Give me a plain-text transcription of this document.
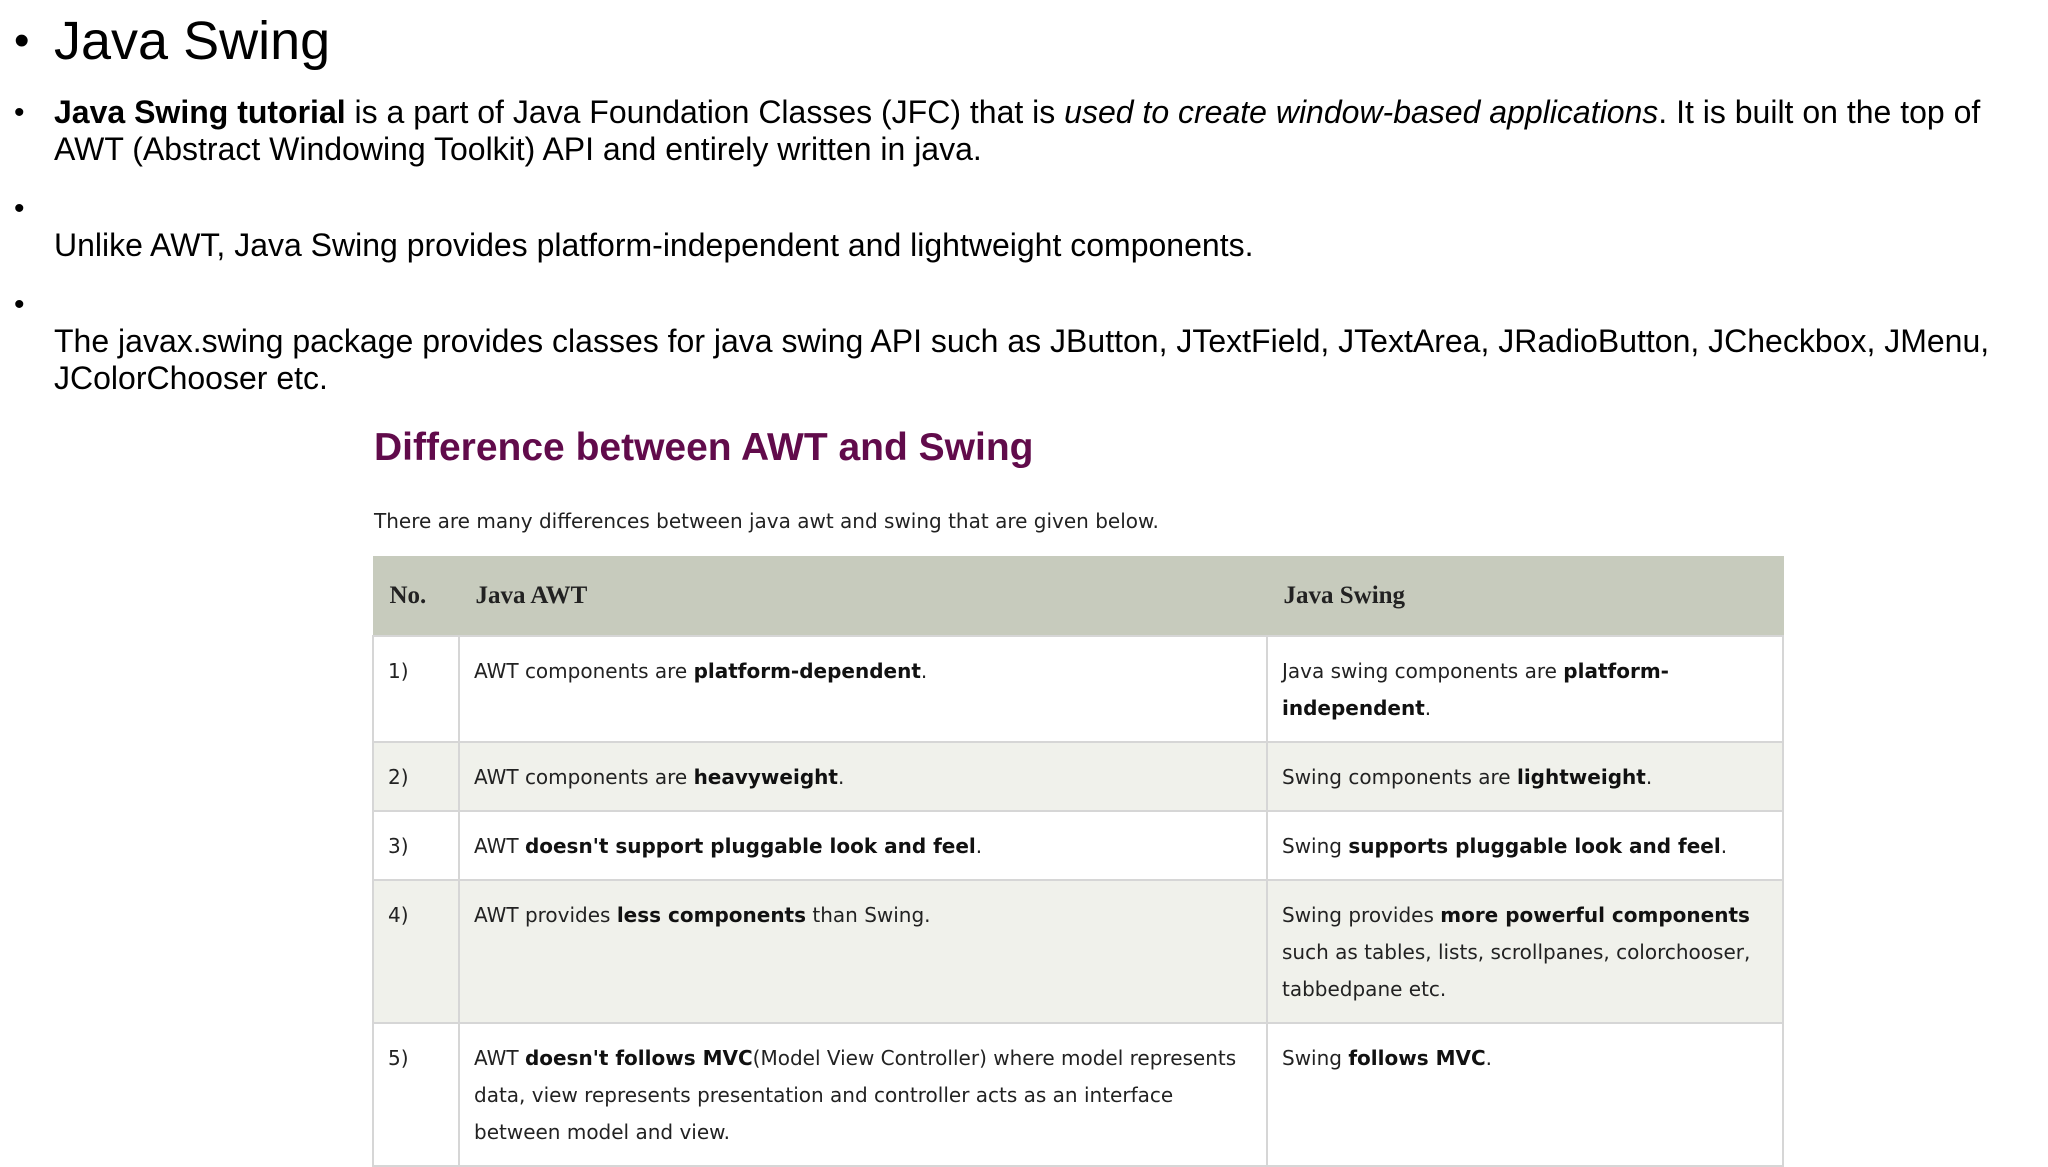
• Java Swing
• Java Swing tutorial is a part of Java Foundation Classes (JFC) that is used to create window-based applications. It is built on the top of AWT (Abstract Windowing Toolkit) API and entirely written in java.
•
Unlike AWT, Java Swing provides platform-independent and lightweight components.
•
The javax.swing package provides classes for java swing API such as JButton, JTextField, JTextArea, JRadioButton, JCheckbox, JMenu, JColorChooser etc.
Difference between AWT and Swing

There are many differences between java awt and swing that are given below.

No.	Java AWT	Java Swing
1)	AWT components are platform-dependent.	Java swing components are platform-independent.
2)	AWT components are heavyweight.	Swing components are lightweight.
3)	AWT doesn't support pluggable look and feel.	Swing supports pluggable look and feel.
4)	AWT provides less components than Swing.	Swing provides more powerful components such as tables, lists, scrollpanes, colorchooser, tabbedpane etc.
5)	AWT doesn't follows MVC(Model View Controller) where model represents data, view represents presentation and controller acts as an interface between model and view.	Swing follows MVC.
